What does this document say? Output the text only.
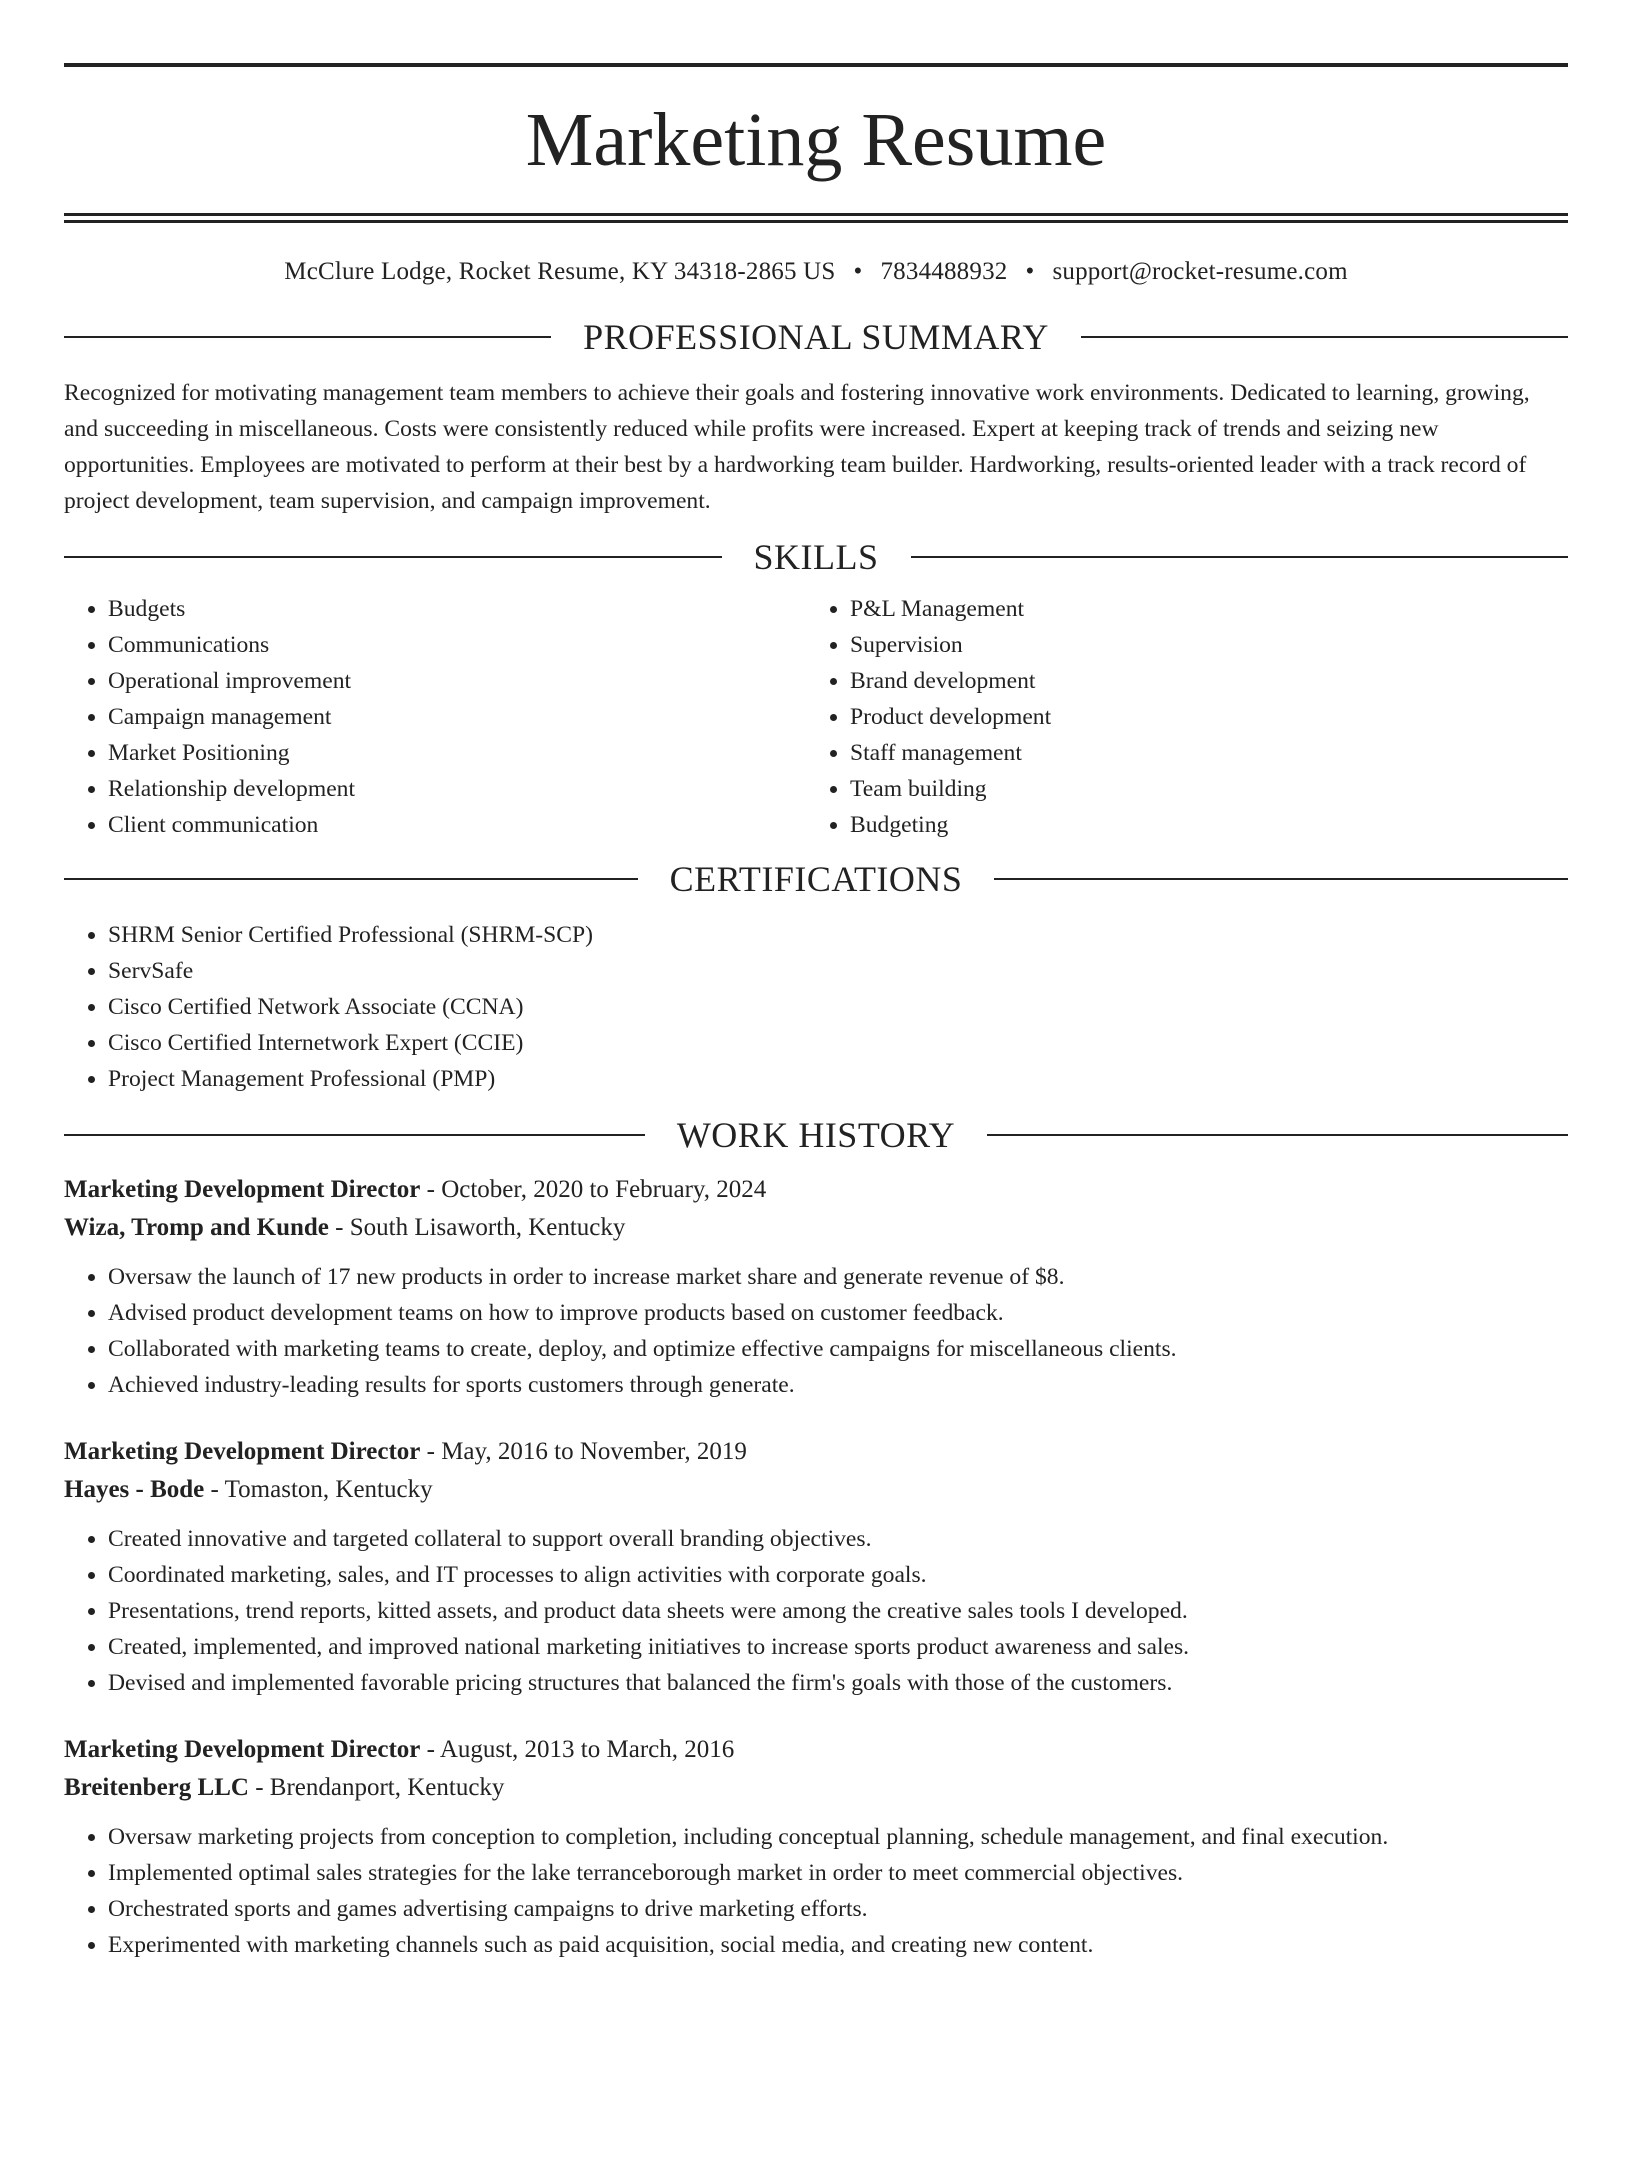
Marketing Resume
McClure Lodge, Rocket Resume, KY 34318-2865 US • 7834488932 • support@rocket-resume.com
PROFESSIONAL SUMMARY
Recognized for motivating management team members to achieve their goals and fostering innovative work environments. Dedicated to learning, growing, and succeeding in miscellaneous. Costs were consistently reduced while profits were increased. Expert at keeping track of trends and seizing new opportunities. Employees are motivated to perform at their best by a hardworking team builder. Hardworking, results-oriented leader with a track record of project development, team supervision, and campaign improvement.
SKILLS
• Budgets
• Communications
• Operational improvement
• Campaign management
• Market Positioning
• Relationship development
• Client communication
• P&L Management
• Supervision
• Brand development
• Product development
• Staff management
• Team building
• Budgeting
CERTIFICATIONS
• SHRM Senior Certified Professional (SHRM-SCP)
• ServSafe
• Cisco Certified Network Associate (CCNA)
• Cisco Certified Internetwork Expert (CCIE)
• Project Management Professional (PMP)
WORK HISTORY
Marketing Development Director - October, 2020 to February, 2024
Wiza, Tromp and Kunde - South Lisaworth, Kentucky
• Oversaw the launch of 17 new products in order to increase market share and generate revenue of $8.
• Advised product development teams on how to improve products based on customer feedback.
• Collaborated with marketing teams to create, deploy, and optimize effective campaigns for miscellaneous clients.
• Achieved industry-leading results for sports customers through generate.
Marketing Development Director - May, 2016 to November, 2019
Hayes - Bode - Tomaston, Kentucky
• Created innovative and targeted collateral to support overall branding objectives.
• Coordinated marketing, sales, and IT processes to align activities with corporate goals.
• Presentations, trend reports, kitted assets, and product data sheets were among the creative sales tools I developed.
• Created, implemented, and improved national marketing initiatives to increase sports product awareness and sales.
• Devised and implemented favorable pricing structures that balanced the firm's goals with those of the customers.
Marketing Development Director - August, 2013 to March, 2016
Breitenberg LLC - Brendanport, Kentucky
• Oversaw marketing projects from conception to completion, including conceptual planning, schedule management, and final execution.
• Implemented optimal sales strategies for the lake terranceborough market in order to meet commercial objectives.
• Orchestrated sports and games advertising campaigns to drive marketing efforts.
• Experimented with marketing channels such as paid acquisition, social media, and creating new content.
